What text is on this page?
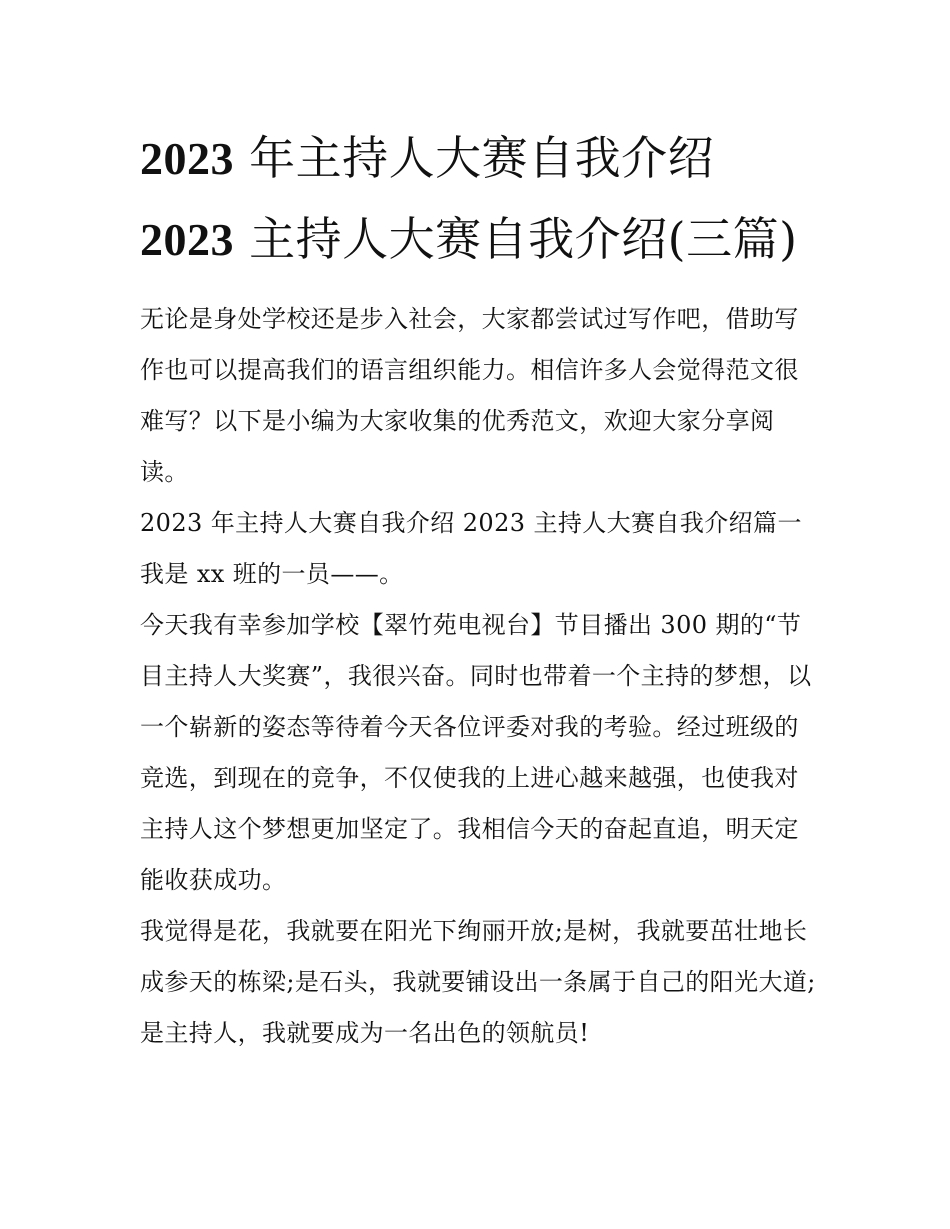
2023 年主持人大赛自我介绍 2023 主持人大赛自我介绍(三篇)

无论是身处学校还是步入社会，大家都尝试过写作吧，借助写作也可以提高我们的语言组织能力。相信许多人会觉得范文很难写？以下是小编为大家收集的优秀范文，欢迎大家分享阅读。

2023 年主持人大赛自我介绍 2023 主持人大赛自我介绍篇一 我是 xx 班的一员——。

今天我有幸参加学校【翠竹苑电视台】节目播出 300 期的“节目主持人大奖赛”，我很兴奋。同时也带着一个主持的梦想，以一个崭新的姿态等待着今天各位评委对我的考验。经过班级的竞选，到现在的竞争，不仅使我的上进心越来越强，也使我对主持人这个梦想更加坚定了。我相信今天的奋起直追，明天定能收获成功。

我觉得是花，我就要在阳光下绚丽开放;是树，我就要茁壮地长成参天的栋梁;是石头，我就要铺设出一条属于自己的阳光大道;是主持人，我就要成为一名出色的领航员!
